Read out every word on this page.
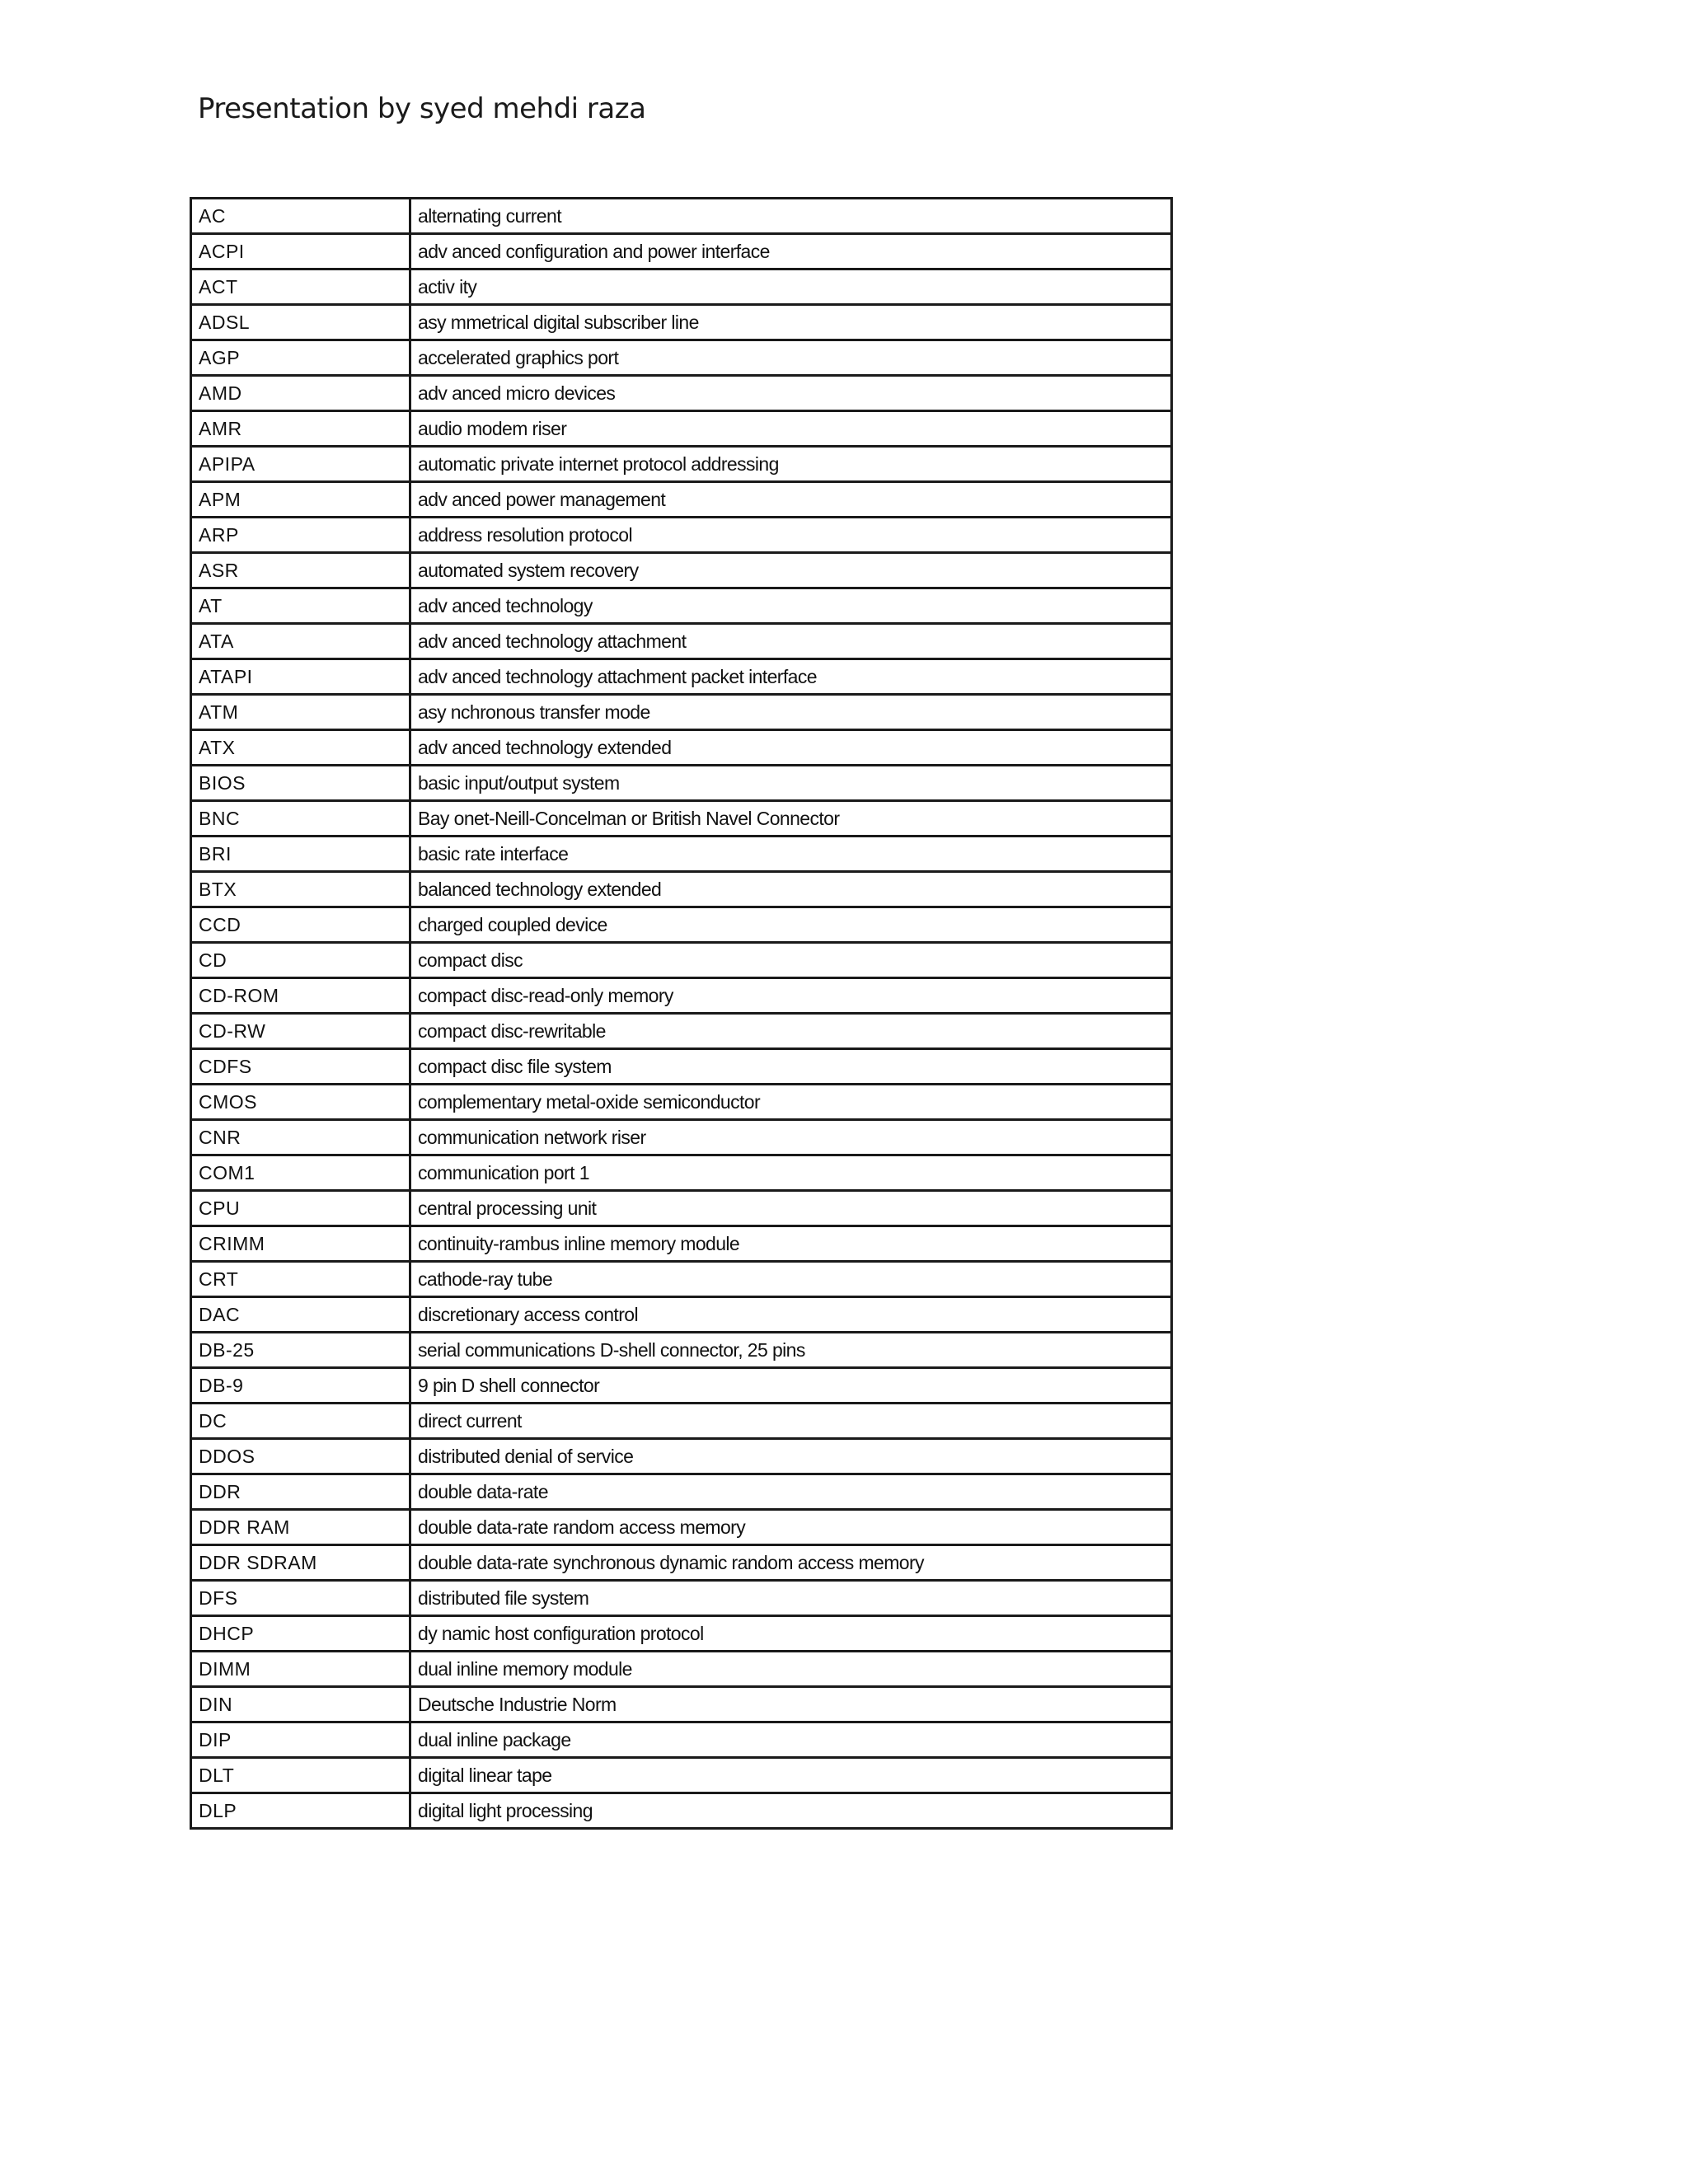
Presentation by syed mehdi raza
AC	alternating current
ACPI	adv anced configuration and power interface
ACT	activ ity
ADSL	asy mmetrical digital subscriber line
AGP	accelerated graphics port
AMD	adv anced micro devices
AMR	audio modem riser
APIPA	automatic private internet protocol addressing
APM	adv anced power management
ARP	address resolution protocol
ASR	automated system recovery
AT	adv anced technology
ATA	adv anced technology attachment
ATAPI	adv anced technology attachment packet interface
ATM	asy nchronous transfer mode
ATX	adv anced technology extended
BIOS	basic input/output system
BNC	Bay onet-Neill-Concelman or British Navel Connector
BRI	basic rate interface
BTX	balanced technology extended
CCD	charged coupled device
CD	compact disc
CD-ROM	compact disc-read-only memory
CD-RW	compact disc-rewritable
CDFS	compact disc file system
CMOS	complementary metal-oxide semiconductor
CNR	communication network riser
COM1	communication port 1
CPU	central processing unit
CRIMM	continuity-rambus inline memory module
CRT	cathode-ray tube
DAC	discretionary access control
DB-25	serial communications D-shell connector, 25 pins
DB-9	9 pin D shell connector
DC	direct current
DDOS	distributed denial of service
DDR	double data-rate
DDR RAM	double data-rate random access memory
DDR SDRAM	double data-rate synchronous dynamic random access memory
DFS	distributed file system
DHCP	dy namic host configuration protocol
DIMM	dual inline memory module
DIN	Deutsche Industrie Norm
DIP	dual inline package
DLT	digital linear tape
DLP	digital light processing
